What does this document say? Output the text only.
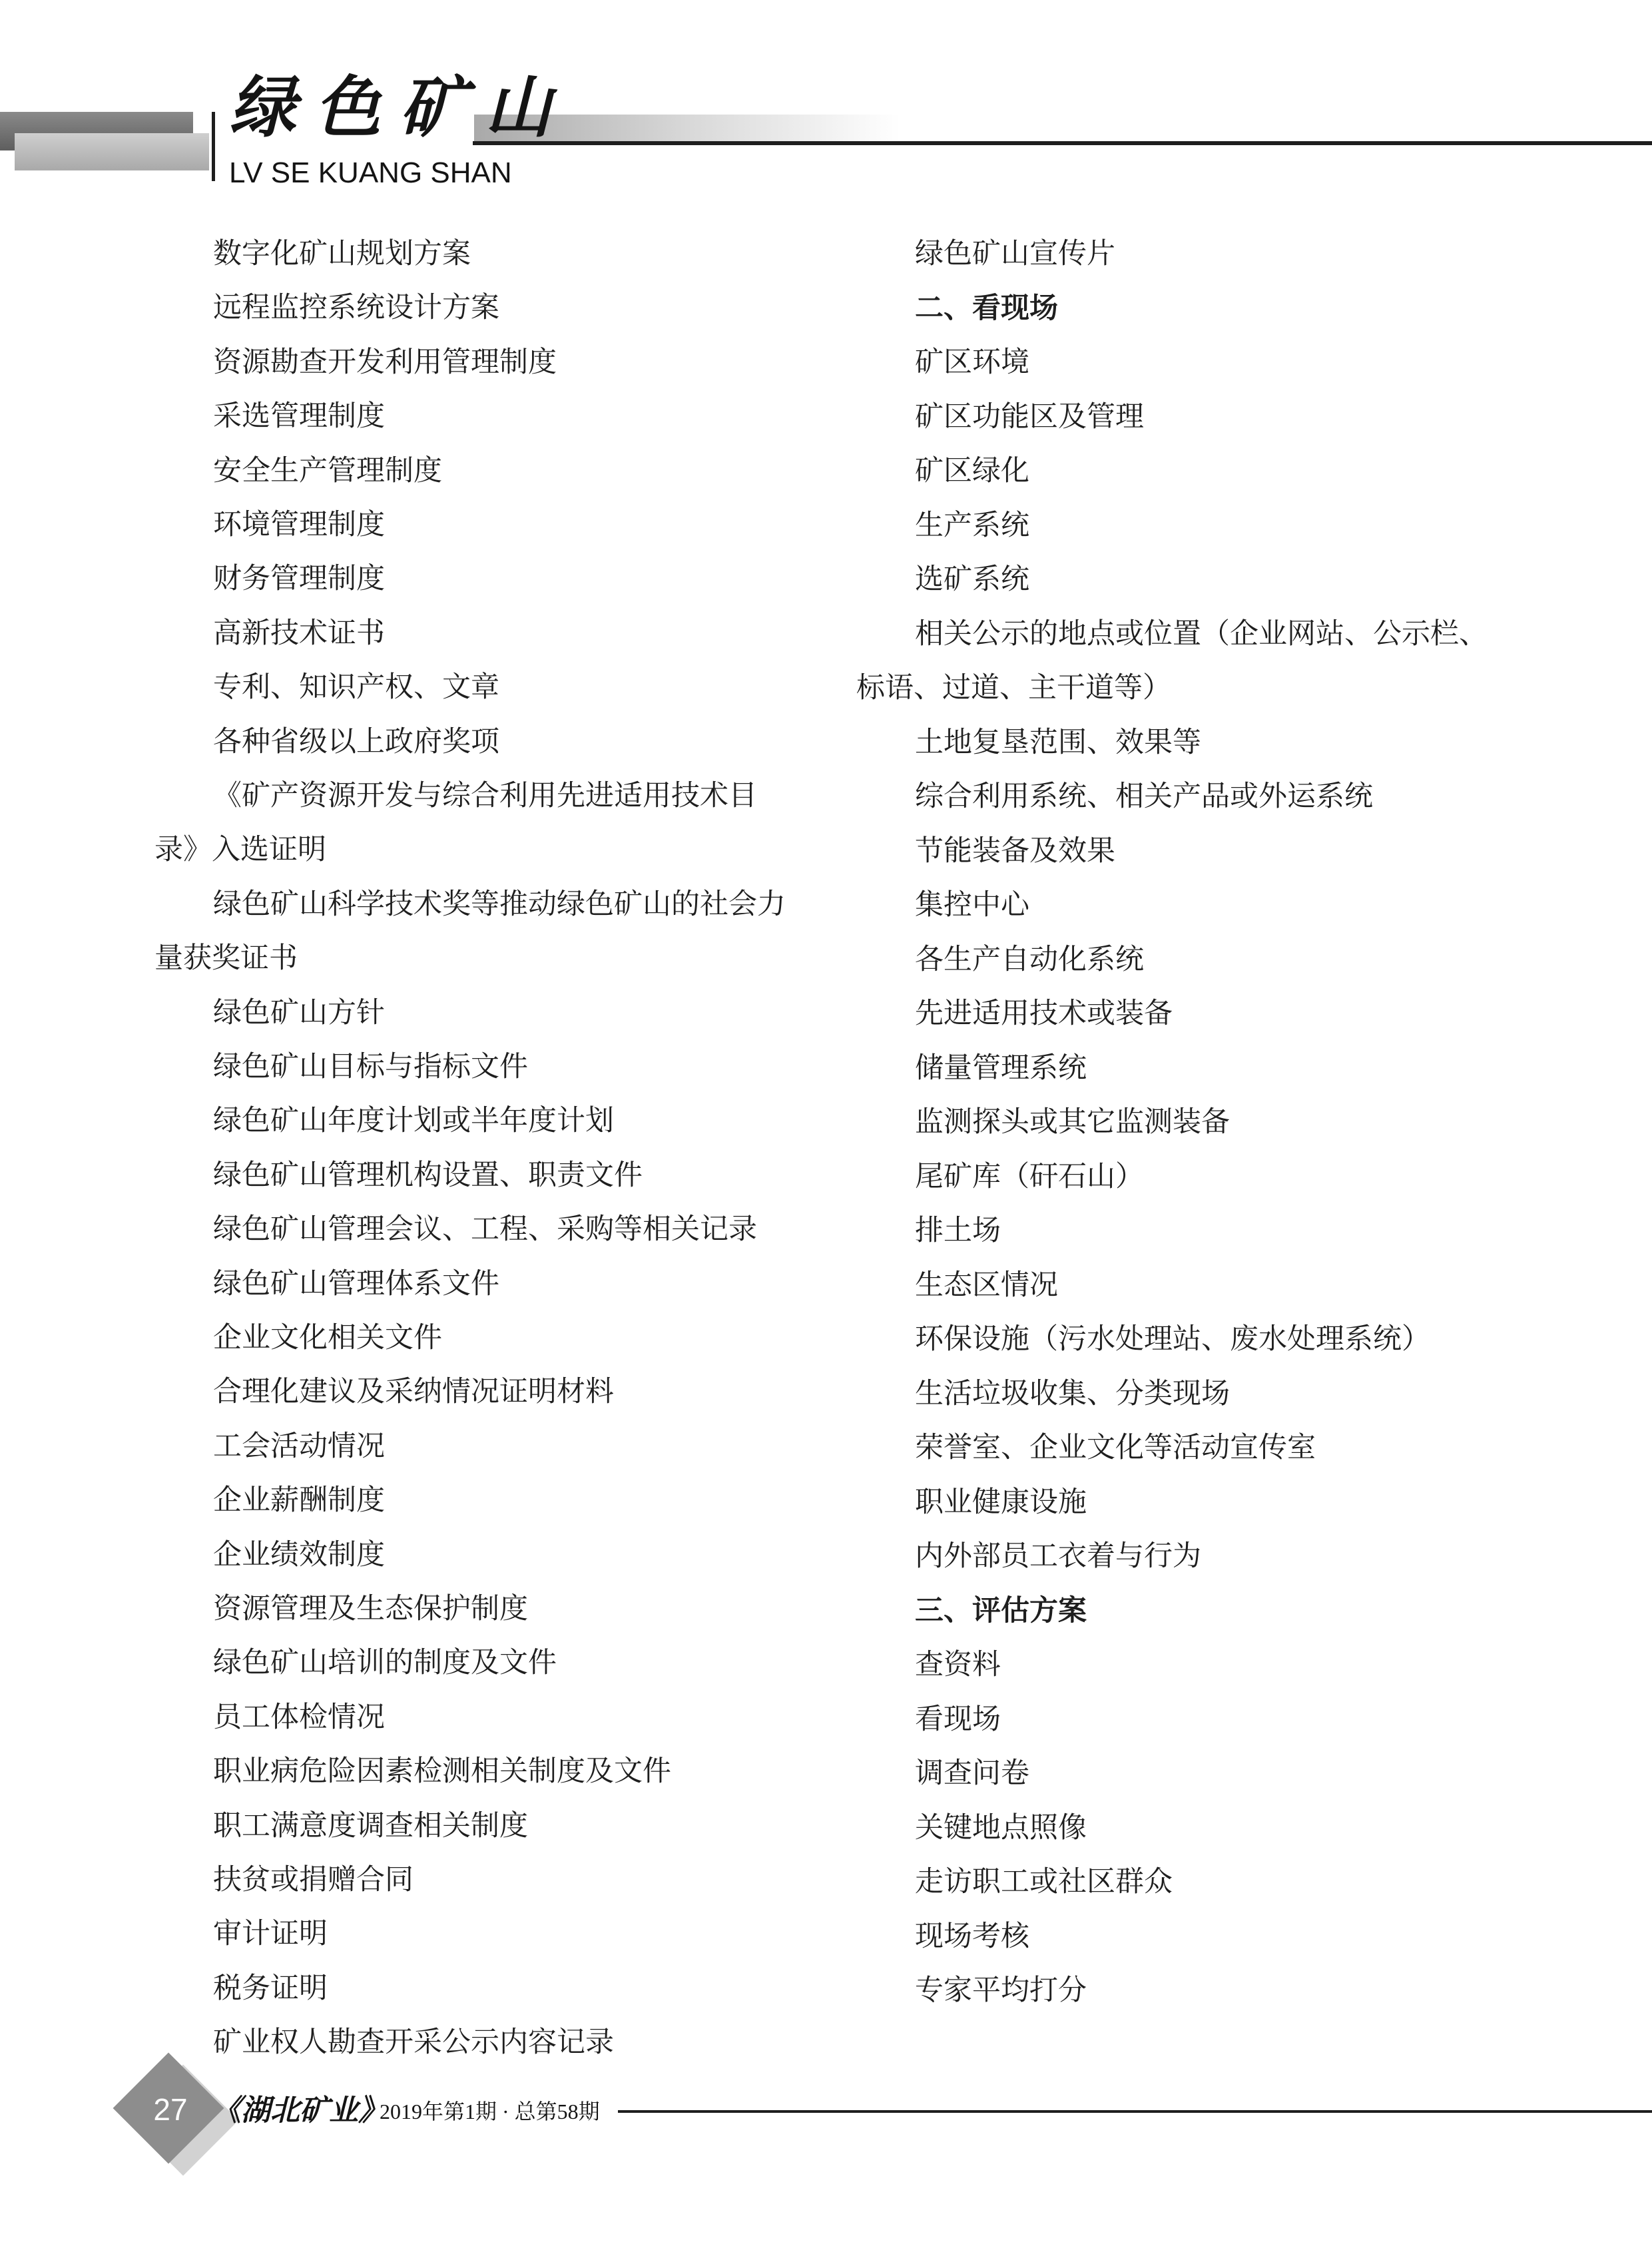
绿色矿山
LV SE KUANG SHAN
数字化矿山规划方案
远程监控系统设计方案
资源勘查开发利用管理制度
采选管理制度
安全生产管理制度
环境管理制度
财务管理制度
高新技术证书
专利、知识产权、文章
各种省级以上政府奖项
《矿产资源开发与综合利用先进适用技术目
录》入选证明
绿色矿山科学技术奖等推动绿色矿山的社会力
量获奖证书
绿色矿山方针
绿色矿山目标与指标文件
绿色矿山年度计划或半年度计划
绿色矿山管理机构设置、职责文件
绿色矿山管理会议、工程、采购等相关记录
绿色矿山管理体系文件
企业文化相关文件
合理化建议及采纳情况证明材料
工会活动情况
企业薪酬制度
企业绩效制度
资源管理及生态保护制度
绿色矿山培训的制度及文件
员工体检情况
职业病危险因素检测相关制度及文件
职工满意度调查相关制度
扶贫或捐赠合同
审计证明
税务证明
矿业权人勘查开采公示内容记录
绿色矿山宣传片
二、看现场
矿区环境
矿区功能区及管理
矿区绿化
生产系统
选矿系统
相关公示的地点或位置（企业网站、公示栏、
标语、过道、主干道等）
土地复垦范围、效果等
综合利用系统、相关产品或外运系统
节能装备及效果
集控中心
各生产自动化系统
先进适用技术或装备
储量管理系统
监测探头或其它监测装备
尾矿库（矸石山）
排土场
生态区情况
环保设施（污水处理站、废水处理系统）
生活垃圾收集、分类现场
荣誉室、企业文化等活动宣传室
职业健康设施
内外部员工衣着与行为
三、评估方案
查资料
看现场
调查问卷
关键地点照像
走访职工或社区群众
现场考核
专家平均打分
27 《湖北矿业》
2019年第1期 · 总第58期
